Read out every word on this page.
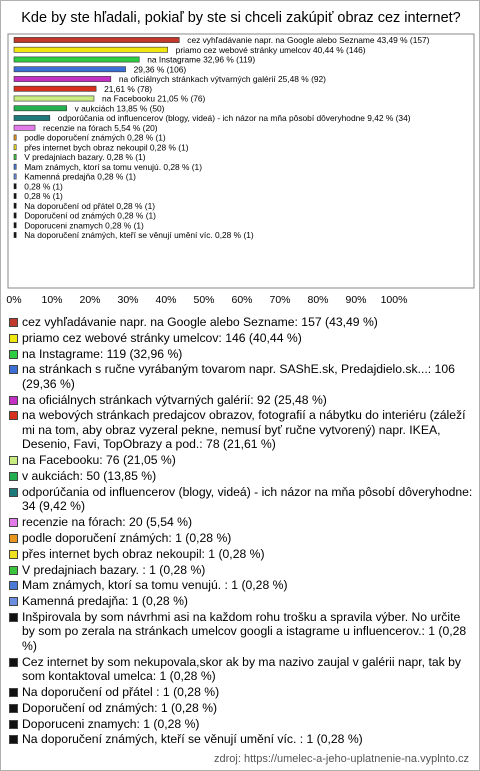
Kde by ste hľadali, pokiaľ by ste si chceli zakúpiť obraz cez internet?
cez vyhľadávanie napr. na Google alebo Sezname 43,49 % (157)
priamo cez webové stránky umelcov 40,44 % (146)
na Instagrame 32,96 % (119)
29,36 % (106)
na oficiálnych stránkach výtvarných galérií 25,48 % (92)
21,61 % (78)
na Facebooku 21,05 % (76)
v aukciách 13,85 % (50)
odporúčania od influencerov (blogy, videá) - ich názor na mňa pôsobí dôveryhodne 9,42 % (34)
recenzie na fórach 5,54 % (20)
podle doporučení známých 0,28 % (1)
přes internet bych obraz nekoupil 0,28 % (1)
V predajniach bazary. 0,28 % (1)
Mam známych, ktorí sa tomu venujú. 0,28 % (1)
Kamenná predajňa 0,28 % (1)
0,28 % (1)
0,28 % (1)
Na doporučení od přátel 0,28 % (1)
Doporučení od známých 0,28 % (1)
Doporuceni znamych 0,28 % (1)
Na doporučení známých, kteří se věnují umění víc. 0,28 % (1)
0% 10% 20% 30% 40% 50% 60% 70% 80% 90% 100%
cez vyhľadávanie napr. na Google alebo Sezname: 157 (43,49 %)
priamo cez webové stránky umelcov: 146 (40,44 %)
na Instagrame: 119 (32,96 %)
na stránkach s ručne vyrábaným tovarom napr. SAShE.sk, Predajdielo.sk...: 106 (29,36 %)
na oficiálnych stránkach výtvarných galérií: 92 (25,48 %)
na webových stránkach predajcov obrazov, fotografií a nábytku do interiéru (záleží mi na tom, aby obraz vyzeral pekne, nemusí byť ručne vytvorený) napr. IKEA, Desenio, Favi, TopObrazy a pod.: 78 (21,61 %)
na Facebooku: 76 (21,05 %)
v aukciách: 50 (13,85 %)
odporúčania od influencerov (blogy, videá) - ich názor na mňa pôsobí dôveryhodne: 34 (9,42 %)
recenzie na fórach: 20 (5,54 %)
podle doporučení známých: 1 (0,28 %)
přes internet bych obraz nekoupil: 1 (0,28 %)
V predajniach bazary. : 1 (0,28 %)
Mam známych, ktorí sa tomu venujú. : 1 (0,28 %)
Kamenná predajňa: 1 (0,28 %)
Inšpirovala by som návrhmi asi na každom rohu trošku a spravila výber. No určite by som po zerala na stránkach umelcov googli a istagrame u influencerov.: 1 (0,28 %)
Cez internet by som nekupovala,skor ak by ma nazivo zaujal v galérii napr, tak by som kontaktoval umelca: 1 (0,28 %)
Na doporučení od přátel : 1 (0,28 %)
Doporučení od známých: 1 (0,28 %)
Doporuceni znamych: 1 (0,28 %)
Na doporučení známých, kteří se věnují umění víc. : 1 (0,28 %)
zdroj: https://umelec-a-jeho-uplatnenie-na.vyplnto.cz
